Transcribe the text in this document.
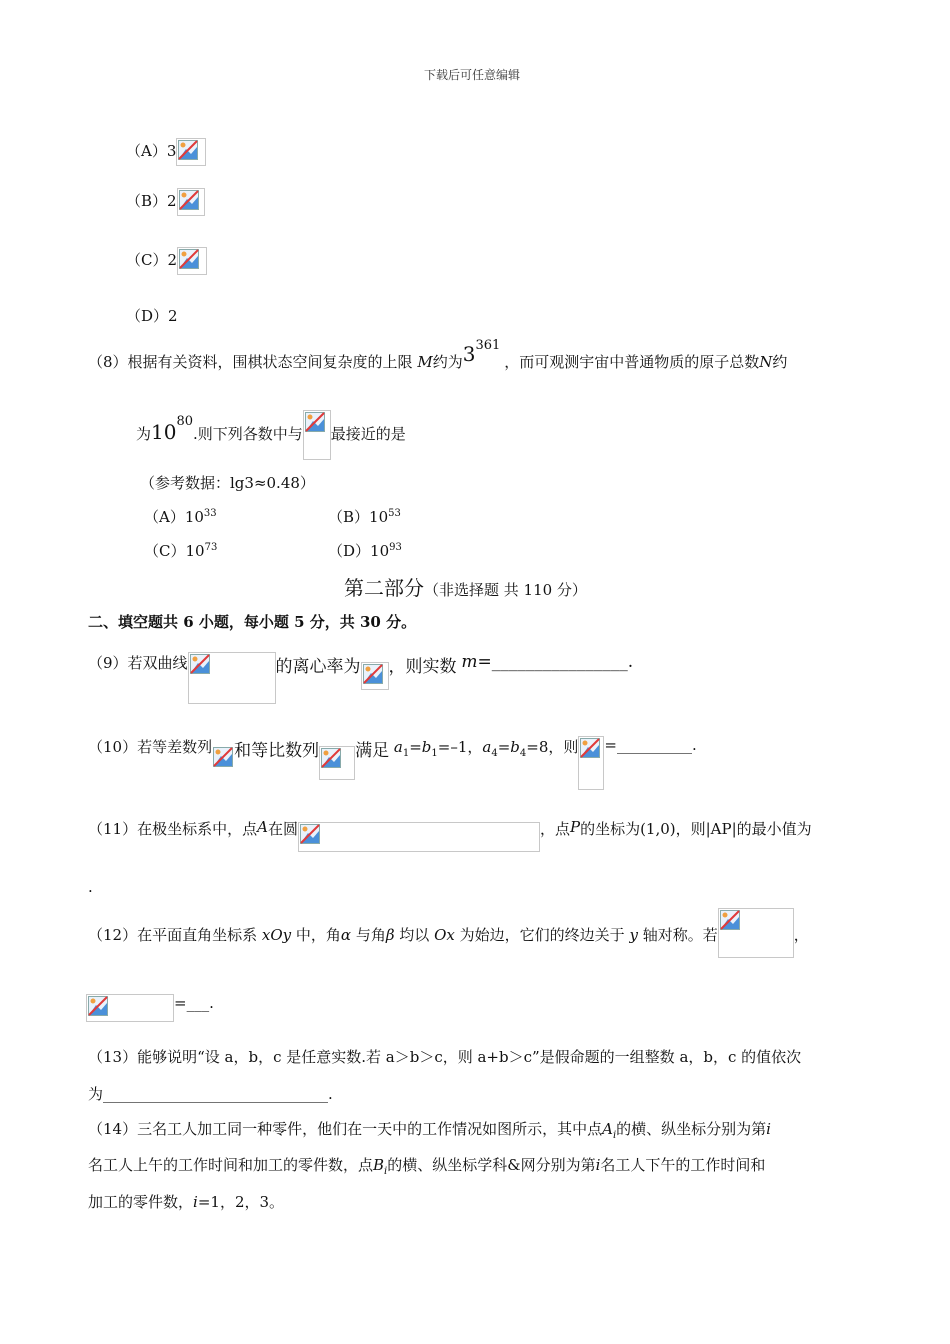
下载后可任意编辑
（A）3
（B）2
（C）2
（D）2
（8）根据有关资料，围棋状态空间复杂度的上限 M约为$3^{361}$，而可观测宇宙中普通物质的原子总数N约
为$10^{80}$.则下列各数中与 最接近的是
（参考数据：lg3≈0.48）
$(A)10^{33}$	$(B)10^{53}$
$(C)10^{73}$	$(D)10^{93}$
第二部分（非选择题 共 110 分）
二、填空题共 6 小题，每小题 5 分，共 30 分。
（9）若双曲线	的离心率为 ，则实数 m=________________.
（10）若等差数列 和等比数列 满足 $a_1=b_1=-1$，$a_4=b_4=8$，则 =__________.
（11）在极坐标系中，点A在圆	，点P的坐标为(1,0)，则|AP|的最小值为
.
（12）在平面直角坐标系 xOy 中，角α 与角β 均以 Ox 为始边，它们的终边关于 y 轴对称。若	，
=___.
（13）能够说明“设 a，b，c 是任意实数.若 a＞b＞c，则 a+b＞c”是假命题的一组整数 a，b，c 的值依次
为______________________________.
（14）三名工人加工同一种零件，他们在一天中的工作情况如图所示，其中点$A_i$的横、纵坐标分别为第i
名工人上午的工作时间和加工的零件数，点$B_i$的横、纵坐标学科&网分别为第i名工人下午的工作时间和
加工的零件数，i=1，2，3。
